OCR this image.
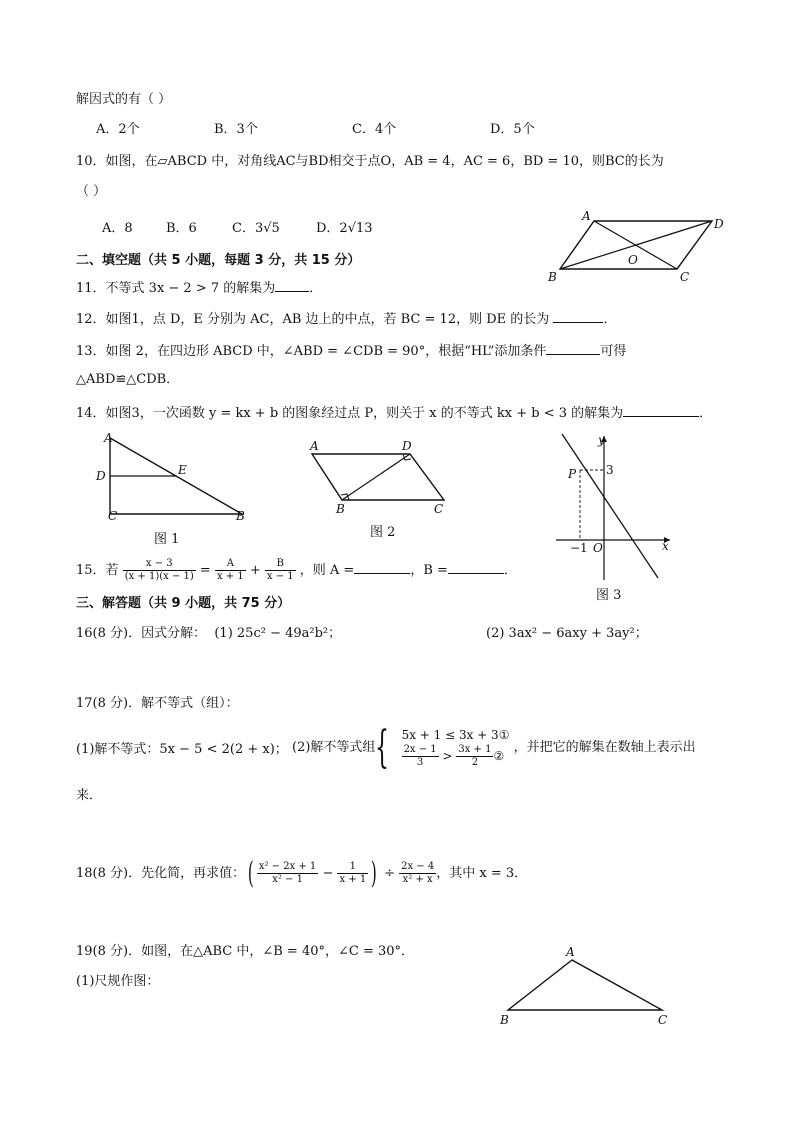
解因式的有（ ）
A．2个	B．3个	C．4个	D．5个
10．如图，在▱ABCD 中，对角线AC与BD相交于点O，AB = 4，AC = 6，BD = 10，则BC的长为
（ ）
A．8	B．6	C．3√5	D．2√13
A
D
B	C
O
二、填空题（共 5 小题，每题 3 分，共 15 分）
11．不等式 3x − 2 > 7 的解集为	．
12．如图1，点 D，E 分别为 AC，AB 边上的中点，若 BC = 12，则 DE 的长为	．
13．如图 2，在四边形 ABCD 中，∠ABD = ∠CDB = 90°，根据“HL”添加条件	可得
△ABD≌△CDB．
14．如图3，一次函数 y = kx + b 的图象经过点 P，则关于 x 的不等式 kx + b < 3 的解集为	．
A
D	E
C	B
图 1
A	D
B	C
图 2
y
x
P 3
−1 O
图 3
15．若 $\frac{x - 3}{(x + 1)(x - 1)} = \frac{A}{x + 1} + \frac{B}{x - 1}$ ，则 A =	，B =	．
三、解答题（共 9 小题，共 75 分）
16(8 分)．因式分解： (1) 25c² − 49a²b²；	(2) 3ax² − 6axy + 3ay²；
17(8 分)．解不等式（组）：
(1)解不等式：5x − 5 < 2(2 + x)； (2)解不等式组{ 5x + 1 ≤ 3x + 3①
$\frac{2x - 1}{3} > \frac{3x + 1}{2}$ ②
，并把它的解集在数轴上表示出
来．
18(8 分)．先化简，再求值：( $\frac{\text{x² − 2x + 1}}{\text{x² − 1}} - \frac{1}{x + 1}$ ) ÷ $\frac{2x - 4}{\text{x² + x}}$ ，其中 x = 3．
19(8 分)．如图，在△ABC 中，∠B = 40°，∠C = 30°．
(1)尺规作图：
A
B	C
